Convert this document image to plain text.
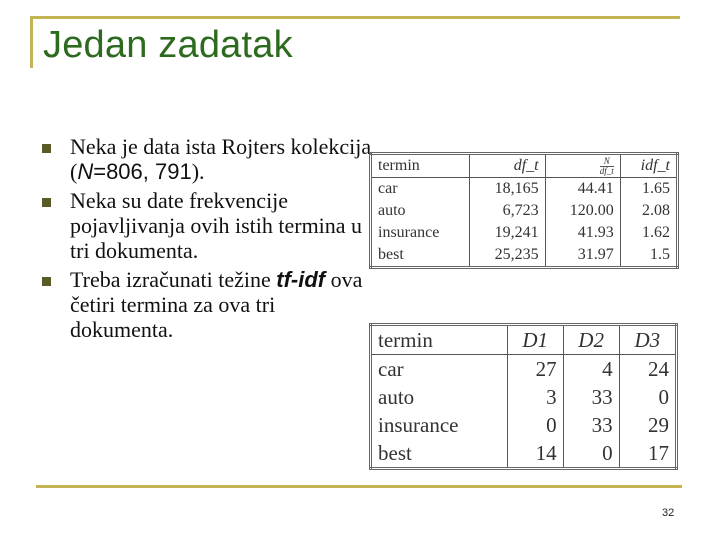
Jedan zadatak
Neka je data ista Rojters kolekcija (N=806, 791).
Neka su date frekvencije pojavljivanja ovih istih termina u tri dokumenta.
Treba izračunati težine tf-idf ova četiri termina za ova tri dokumenta.
termin	df_t	$\frac{N}{df\_t}$	idf_t
car	18,165	44.41	1.65
auto	6,723	120.00	2.08
insurance	19,241	41.93	1.62
best	25,235	31.97	1.5
termin	D1	D2	D3
car	27	4	24
auto	3	33	0
insurance	0	33	29
best	14	0	17
32
